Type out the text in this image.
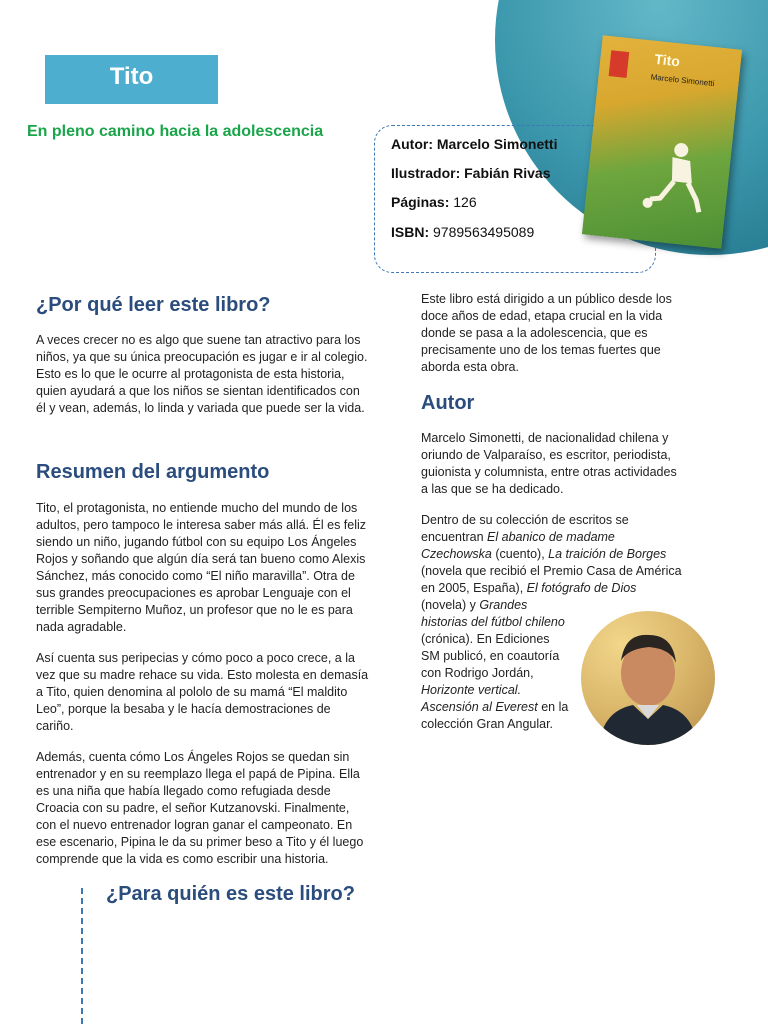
Tito
En pleno camino hacia la adolescencia
Autor: Marcelo Simonetti
Ilustrador: Fabián Rivas
Páginas: 126
ISBN: 9789563495089
Tito
Marcelo Simonetti
¿Por qué leer este libro?
A veces crecer no es algo que suene tan atractivo para los
niños, ya que su única preocupación es jugar e ir al colegio.
Esto es lo que le ocurre al protagonista de esta historia,
quien ayudará a que los niños se sientan identificados con
él y vean, además, lo linda y variada que puede ser la vida.
Resumen del argumento
Tito, el protagonista, no entiende mucho del mundo de los
adultos, pero tampoco le interesa saber más allá. Él es feliz
siendo un niño, jugando fútbol con su equipo Los Ángeles
Rojos y soñando que algún día será tan bueno como Alexis
Sánchez, más conocido como “El niño maravilla”. Otra de
sus grandes preocupaciones es aprobar Lenguaje con el
terrible Sempiterno Muñoz, un profesor que no le es para
nada agradable.
Así cuenta sus peripecias y cómo poco a poco crece, a la
vez que su madre rehace su vida. Esto molesta en demasía
a Tito, quien denomina al pololo de su mamá “El maldito
Leo”, porque la besaba y le hacía demostraciones de
cariño.
Además, cuenta cómo Los Ángeles Rojos se quedan sin
entrenador y en su reemplazo llega el papá de Pipina. Ella
es una niña que había llegado como refugiada desde
Croacia con su padre, el señor Kutzanovski. Finalmente,
con el nuevo entrenador logran ganar el campeonato. En
ese escenario, Pipina le da su primer beso a Tito y él luego
comprende que la vida es como escribir una historia.
¿Para quién es este libro?
Este libro está dirigido a un público desde los
doce años de edad, etapa crucial en la vida
donde se pasa a la adolescencia, que es
precisamente uno de los temas fuertes que
aborda esta obra.
Autor
Marcelo Simonetti, de nacionalidad chilena y
oriundo de Valparaíso, es escritor, periodista,
guionista y columnista, entre otras actividades
a las que se ha dedicado.
Dentro de su colección de escritos se
encuentran El abanico de madame
Czechowska (cuento), La traición de Borges
(novela que recibió el Premio Casa de América
en 2005, España), El fotógrafo de Dios
(novela) y Grandes
historias del fútbol chileno
(crónica). En Ediciones
SM publicó, en coautoría
con Rodrigo Jordán,
Horizonte vertical.
Ascensión al Everest en la
colección Gran Angular.
